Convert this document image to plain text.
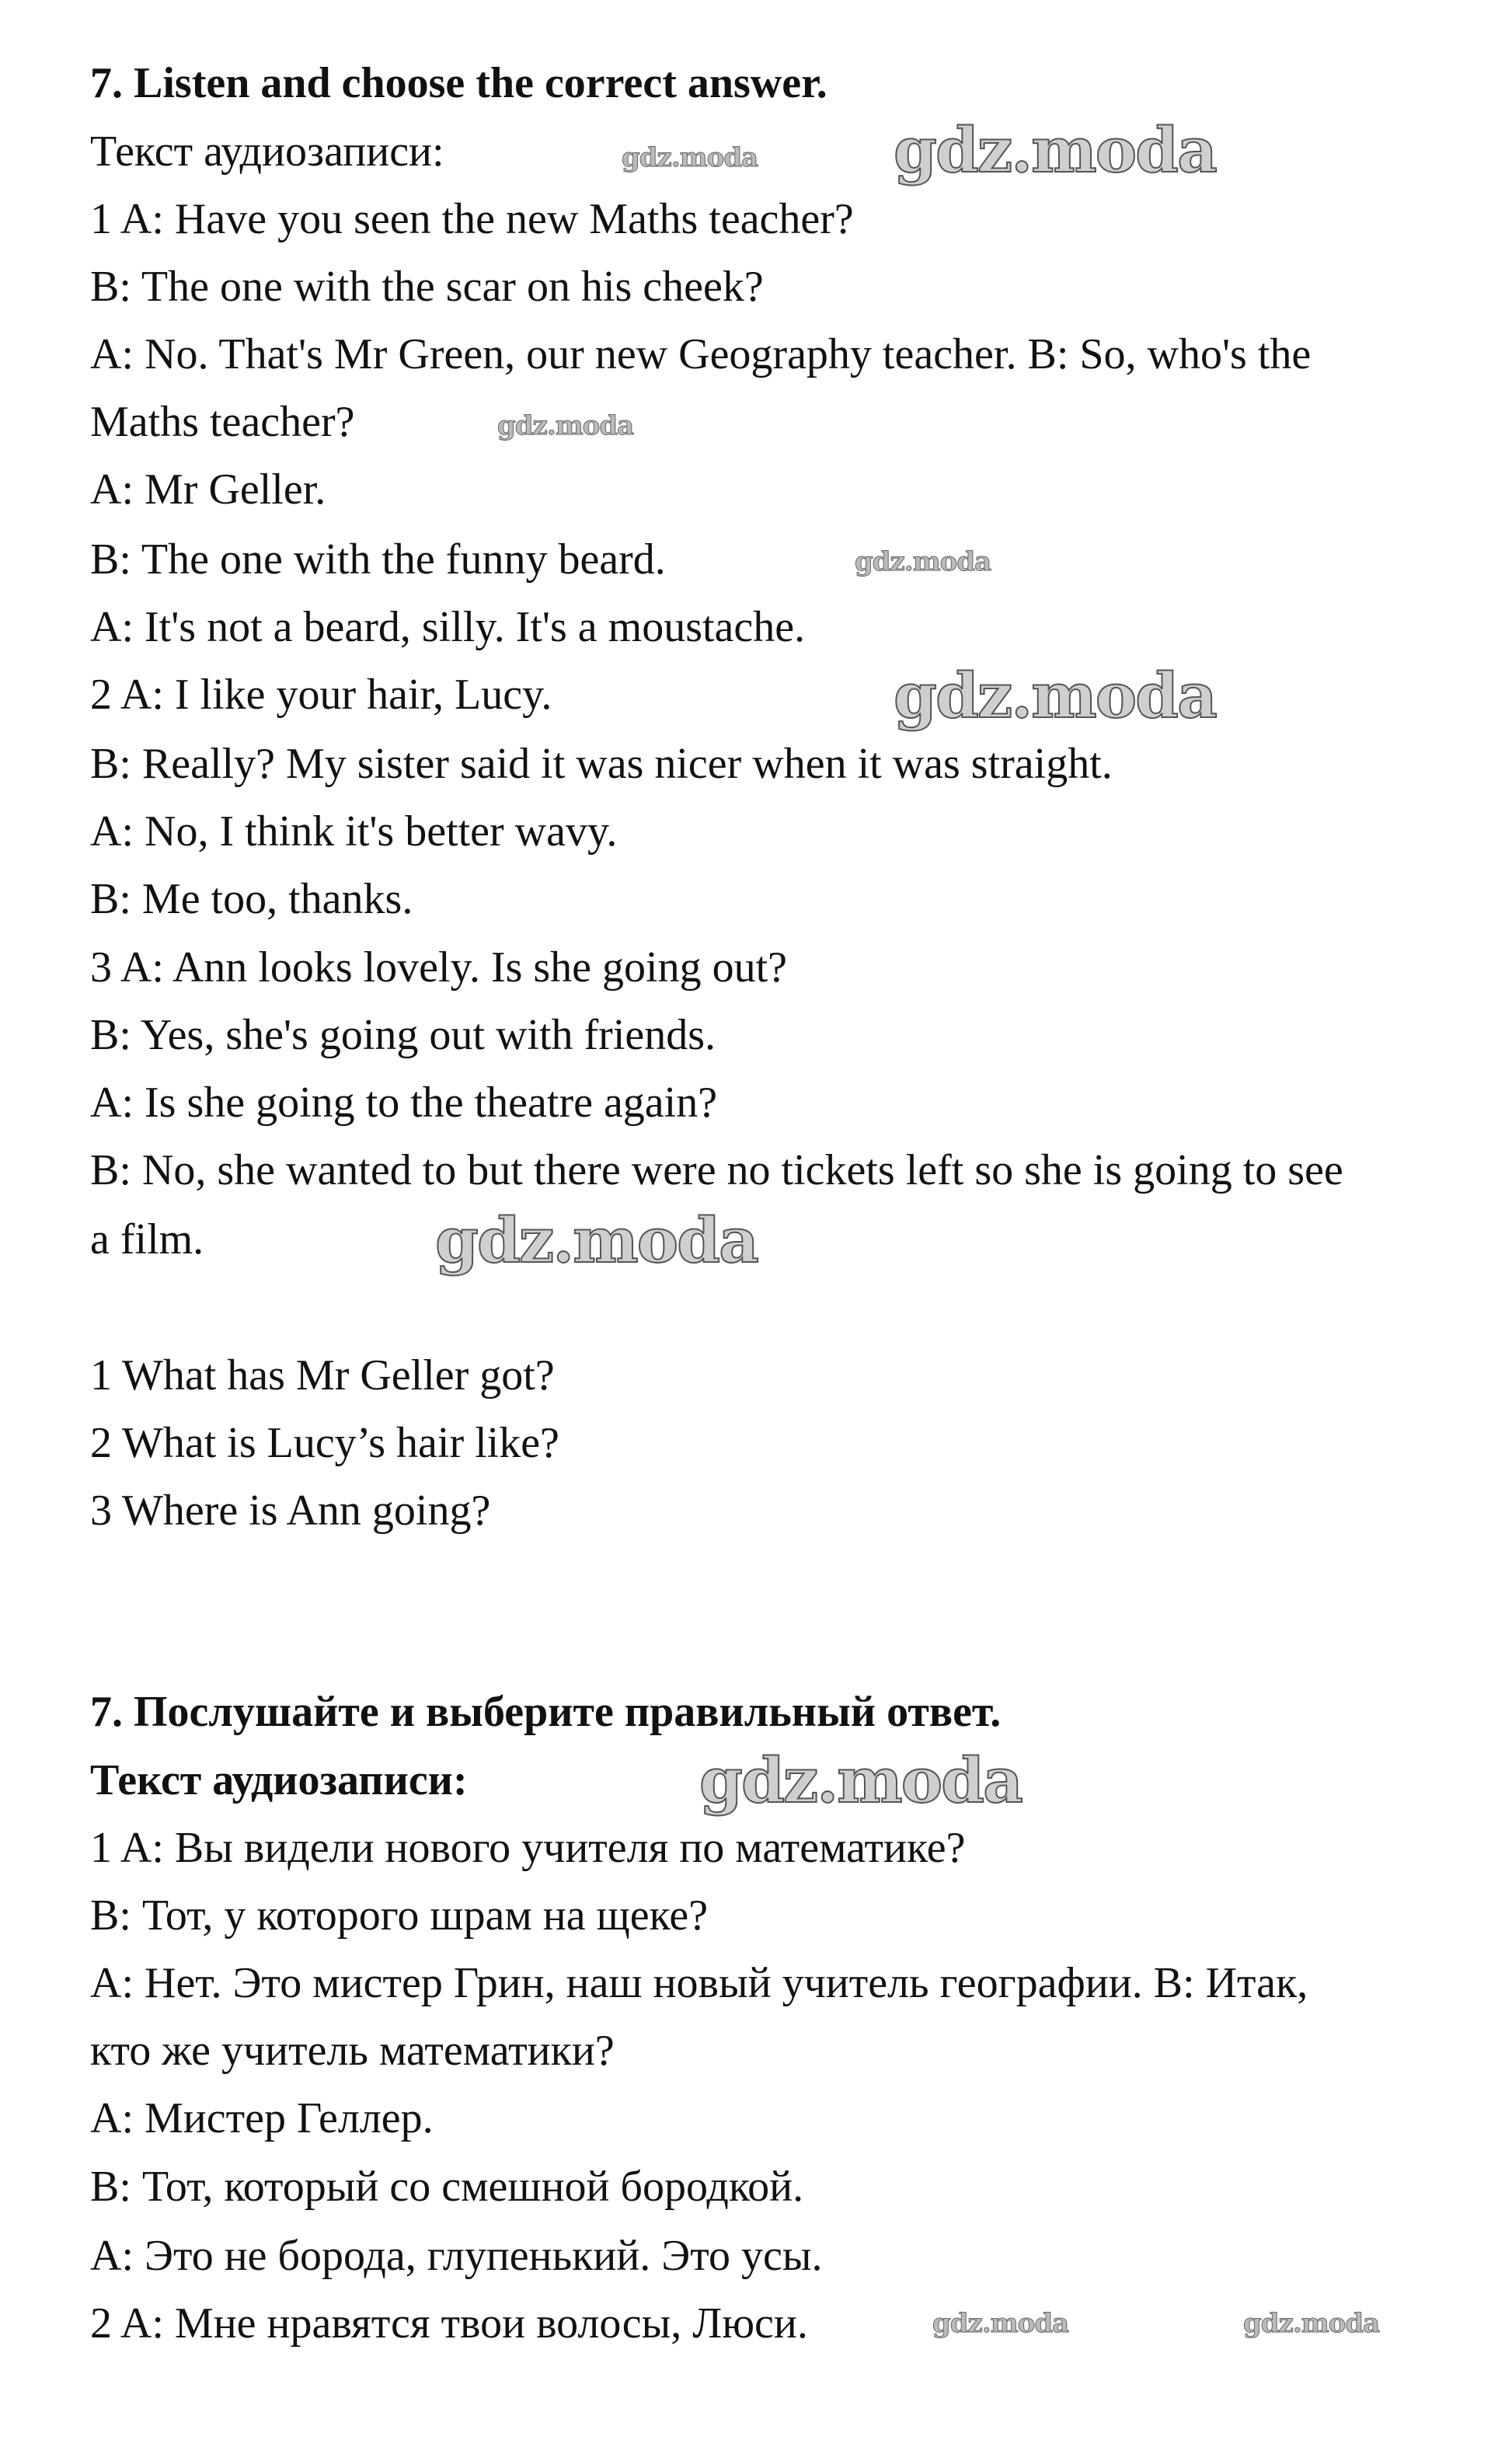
7. Listen and choose the correct answer.
Текст аудиозаписи:
1 A: Have you seen the new Maths teacher?
B: The one with the scar on his cheek?
A: No. That's Mr Green, our new Geography teacher. B: So, who's the
Maths teacher?
A: Mr Geller.
B: The one with the funny beard.
A: It's not a beard, silly. It's a moustache.
2 A: I like your hair, Lucy.
B: Really? My sister said it was nicer when it was straight.
A: No, I think it's better wavy.
B: Me too, thanks.
3 A: Ann looks lovely. Is she going out?
B: Yes, she's going out with friends.
A: Is she going to the theatre again?
B: No, she wanted to but there were no tickets left so she is going to see
a film.
1 What has Mr Geller got?
2 What is Lucy’s hair like?
3 Where is Ann going?
7. Послушайте и выберите правильный ответ.
Текст аудиозаписи:
1 A: Вы видели нового учителя по математике?
B: Тот, у которого шрам на щеке?
A: Нет. Это мистер Грин, наш новый учитель географии. B: Итак,
кто же учитель математики?
A: Мистер Геллер.
B: Тот, который со смешной бородкой.
A: Это не борода, глупенький. Это усы.
2 A: Мне нравятся твои волосы, Люси.
gdz.moda
gdz.moda
gdz.moda
gdz.moda
gdz.moda
gdz.moda
gdz.moda
gdz.moda	gdz.moda
